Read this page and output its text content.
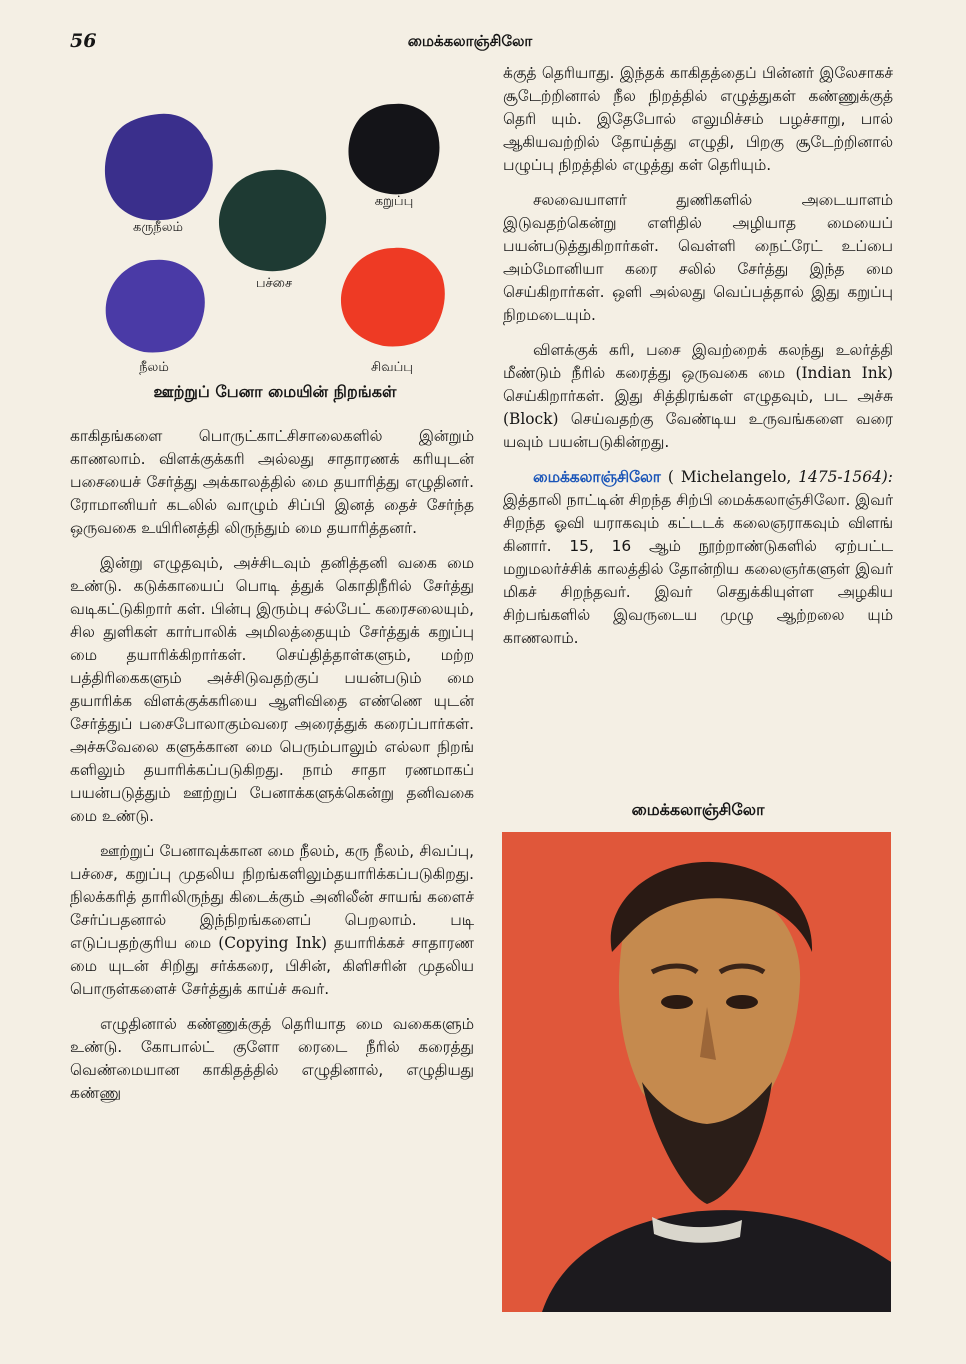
56	மைக்கலாஞ்சிலோ
கருநீலம்
கறுப்பு
பச்சை
நீலம்	சிவப்பு
ஊற்றுப் பேனா மையின் நிறங்கள்

காகிதங்களை பொருட்காட்சிசாலைகளில் இன்றும் காணலாம். விளக்குக்கரி அல்லது சாதாரணக் கரியுடன் பசையைச் சேர்த்து அக்காலத்தில் மை தயாரித்து எழுதினர். ரோமானியர் கடலில் வாழும் சிப்பி இனத் தைச் சேர்ந்த ஒருவகை உயிரினத்தி லிருந்தும் மை தயாரித்தனர்.

இன்று எழுதவும், அச்சிடவும் தனித்தனி வகை மை உண்டு. கடுக்காயைப் பொடி த்துக் கொதிநீரில் சேர்த்து வடிகட்டுகிறார் கள். பின்பு இரும்பு சல்பேட் கரைசலையும், சில துளிகள் கார்பாலிக் அமிலத்தையும் சேர்த்துக் கறுப்பு மை தயாரிக்கிறார்கள். செய்தித்தாள்களும், மற்ற பத்திரிகைகளும் அச்சிடுவதற்குப் பயன்படும் மை தயாரிக்க விளக்குக்கரியை ஆளிவிதை எண்ணெ யுடன் சேர்த்துப் பசைபோலாகும்வரை அரைத்துக் கரைப்பார்கள். அச்சுவேலை களுக்கான மை பெரும்பாலும் எல்லா நிறங் களிலும் தயாரிக்கப்படுகிறது. நாம் சாதா ரணமாகப் பயன்படுத்தும் ஊற்றுப் பேனாக்களுக்கென்று தனிவகை மை உண்டு.

ஊற்றுப் பேனாவுக்கான மை நீலம், கரு நீலம், சிவப்பு, பச்சை, கறுப்பு முதலிய நிறங்களிலும்தயாரிக்கப்படுகிறது. நிலக்கரித் தாரிலிருந்து கிடைக்கும் அனிலீன் சாயங் களைச் சேர்ப்பதனால் இந்நிறங்களைப் பெறலாம். படி எடுப்பதற்குரிய மை (Copying Ink) தயாரிக்கச் சாதாரண மை யுடன் சிறிது சர்க்கரை, பிசின், கிளிசரின் முதலிய பொருள்களைச் சேர்த்துக் காய்ச் சுவர்.

எழுதினால் கண்ணுக்குத் தெரியாத மை வகைகளும் உண்டு. கோபால்ட் குளோ ரைடை நீரில் கரைத்து வெண்மையான காகிதத்தில் எழுதினால், எழுதியது கண்ணு

க்குத் தெரியாது. இந்தக் காகிதத்தைப் பின்னர் இலேசாகச் சூடேற்றினால் நீல நிறத்தில் எழுத்துகள் கண்ணுக்குத் தெரி யும். இதேபோல் எலுமிச்சம் பழச்சாறு, பால் ஆகியவற்றில் தோய்த்து எழுதி, பிறகு சூடேற்றினால் பழுப்பு நிறத்தில் எழுத்து கள் தெரியும்.

சலவையாளர் துணிகளில் அடையாளம் இடுவதற்கென்று எளிதில் அழியாத மையைப் பயன்படுத்துகிறார்கள். வெள்ளி நைட்ரேட் உப்பை அம்மோனியா கரை சலில் சேர்த்து இந்த மை செய்கிறார்கள். ஒளி அல்லது வெப்பத்தால் இது கறுப்பு நிறமடையும்.

விளக்குக் கரி, பசை இவற்றைக் கலந்து உலர்த்தி மீண்டும் நீரில் கரைத்து ஒருவகை மை (Indian Ink) செய்கிறார்கள். இது சித்திரங்கள் எழுதவும், பட அச்சு (Block) செய்வதற்கு வேண்டிய உருவங்களை வரை யவும் பயன்படுகின்றது.

மைக்கலாஞ்சிலோ ( Michelangelo, 1475-1564): இத்தாலி நாட்டின் சிறந்த சிற்பி மைக்கலாஞ்சிலோ. இவர் சிறந்த ஓவி யராகவும் கட்டடக் கலைஞராகவும் விளங் கினார். 15, 16 ஆம் நூற்றாண்டுகளில் ஏற்பட்ட மறுமலர்ச்சிக் காலத்தில் தோன்றிய கலைஞர்களுள் இவர் மிகச் சிறந்தவர். இவர் செதுக்கியுள்ள அழகிய சிற்பங்களில் இவருடைய முழு ஆற்றலை யும் காணலாம்.

மைக்கலாஞ்சிலோ
